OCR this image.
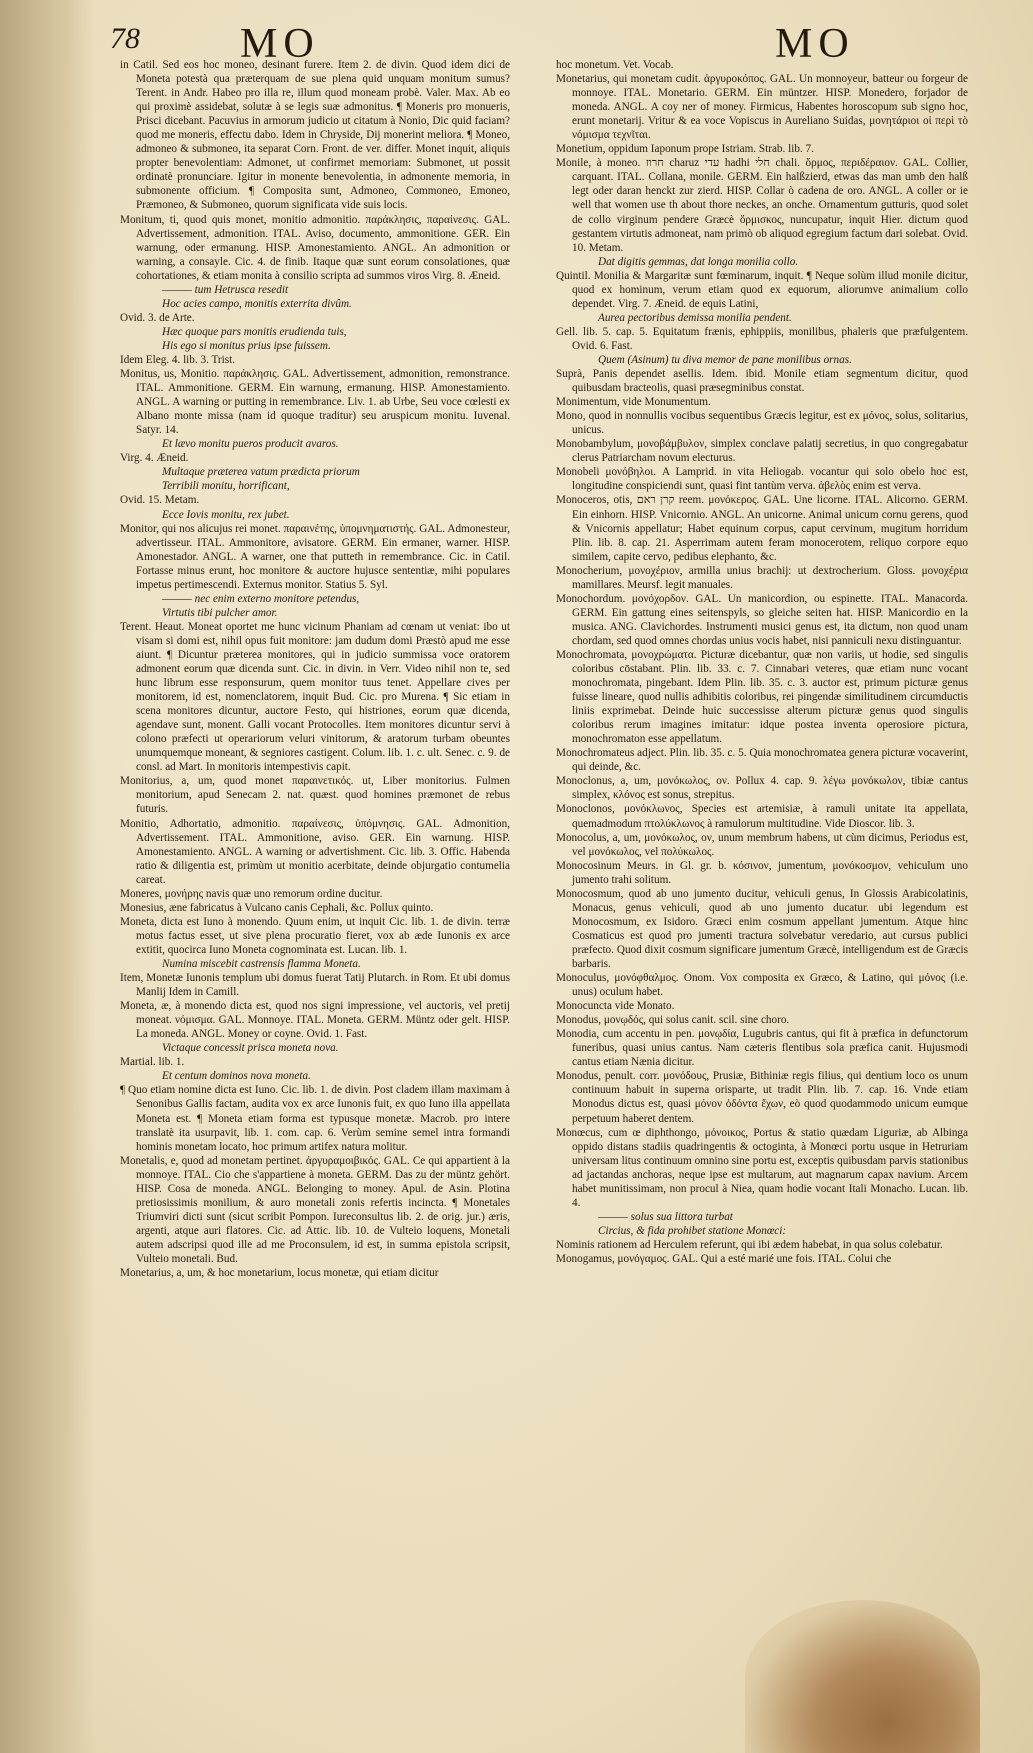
78 MO	MO

in Catil. Sed eos hoc moneo, desinant furere. Item 2. de divin. Quod idem dici de Moneta potestà qua præterquam de sue plena quid unquam monitum sumus? Terent. in Andr. Habeo pro illa re, illum quod moneam probè. Valer. Max. Ab eo qui proximè assidebat, solutæ à se legis suæ admonitus. ¶ Moneris pro monueris, Prisci dicebant. Pacuvius in armorum judicio ut citatum à Nonio, Dic quid faciam? quod me moneris, effectu dabo. Idem in Chryside, Dij monerint meliora. ¶ Moneo, admoneo & submoneo, ita separat Corn. Front. de ver. differ. Monet inquit, aliquis propter benevolentiam: Admonet, ut confirmet memoriam: Submonet, ut possit ordinatè pronunciare. Igitur in monente benevolentia, in admonente memoria, in submonente officium. ¶ Composita sunt, Admoneo, Commoneo, Emoneo, Præmoneo, & Submoneo, quorum significata vide suis locis.

Monitum, ti, quod quis monet, monitio admonitio. παράκλησις, παραίνεσις. GAL. Advertissement, admonition. ITAL. Aviso, documento, ammonitione. GER. Ein warnung, oder ermanung. HISP. Amonestamiento. ANGL. An admonition or warning, a consayle. Cic. 4. de finib. Itaque quæ sunt eorum consolationes, quæ cohortationes, & etiam monita à consilio scripta ad summos viros Virg. 8. Æneid.

——— tum Hetrusca resedit

Hoc acies campo, monitis exterrita divûm.

Ovid. 3. de Arte.

Hæc quoque pars monitis erudienda tuis,

His ego si monitus prius ipse fuissem.

Idem Eleg. 4. lib. 3. Trist.

Monitus, us, Monitio. παράκλησις. GAL. Advertissement, admonition, remonstrance. ITAL. Ammonitione. GERM. Ein warnung, ermanung. HISP. Amonestamiento. ANGL. A warning or putting in remembrance. Liv. 1. ab Urbe, Seu voce cœlesti ex Albano monte missa (nam id quoque traditur) seu aruspicum monitu. Iuvenal. Satyr. 14.

Et lævo monitu pueros producit avaros.

Virg. 4. Æneid.

Multaque præterea vatum prædicta priorum

Terribili monitu, horrificant,

Ovid. 15. Metam.

Ecce Iovis monitu, rex jubet.

Monitor, qui nos alicujus rei monet. παραινέτης, ὑπομνηματιστής. GAL. Admonesteur, advertisseur. ITAL. Ammonitore, avisatore. GERM. Ein ermaner, warner. HISP. Amonestador. ANGL. A warner, one that putteth in remembrance. Cic. in Catil. Fortasse minus erunt, hoc monitore & auctore hujusce sententiæ, mihi populares impetus pertimescendi. Externus monitor. Statius 5. Syl.

——— nec enim externo monitore petendus,

Virtutis tibi pulcher amor.

Terent. Heaut. Moneat oportet me hunc vicinum Phaniam ad cœnam ut veniat: ibo ut visam si domi est, nihil opus fuit monitore: jam dudum domi Præstò apud me esse aiunt. ¶ Dicuntur præterea monitores, qui in judicio summissa voce oratorem admonent eorum quæ dicenda sunt. Cic. in divin. in Verr. Video nihil non te, sed hunc librum esse responsurum, quem monitor tuus tenet. Appellare cives per monitorem, id est, nomenclatorem, inquit Bud. Cic. pro Murena. ¶ Sic etiam in scena monitores dicuntur, auctore Festo, qui histriones, eorum quæ dicenda, agendave sunt, monent. Galli vocant Protocolles. Item monitores dicuntur servi à colono præfecti ut operariorum veluri vinitorum, & aratorum turbam obeuntes unumquemque moneant, & segniores castigent. Colum. lib. 1. c. ult. Senec. c. 9. de consl. ad Mart. In monitoris intempestivis capit.

Monitorius, a, um, quod monet παραινετικός. ut, Liber monitorius. Fulmen monitorium, apud Senecam 2. nat. quæst. quod homines præmonet de rebus futuris.

Monitio, Adhortatio, admonitio. παραίνεσις, ὑπόμνησις. GAL. Admonition, Advertissement. ITAL. Ammonitione, aviso. GER. Ein warnung. HISP. Amonestamiento. ANGL. A warning or advertishment. Cic. lib. 3. Offic. Habenda ratio & diligentia est, primùm ut monitio acerbitate, deinde objurgatio contumelia careat.

Moneres, μονήρης navis quæ uno remorum ordine ducitur.

Monesius, æne fabricatus à Vulcano canis Cephali, &c. Pollux quinto.

Moneta, dicta est Iuno à monendo. Quum enim, ut inquit Cic. lib. 1. de divin. terræ motus factus esset, ut sive plena procuratio fieret, vox ab æde Iunonis ex arce extitit, quocirca Iuno Moneta cognominata est. Lucan. lib. 1.

Numina miscebit castrensis flamma Moneta.

Item, Monetæ Iunonis templum ubi domus fuerat Tatij Plutarch. in Rom. Et ubi domus Manlij Idem in Camill.

Moneta, æ, à monendo dicta est, quod nos signi impressione, vel auctoris, vel pretij moneat. νόμισμα. GAL. Monnoye. ITAL. Moneta. GERM. Müntz oder gelt. HISP. La moneda. ANGL. Money or coyne. Ovid. 1. Fast.

Victaque concessit prisca moneta nova.

Martial. lib. 1.

Et centum dominos nova moneta.

¶ Quo etiam nomine dicta est Iuno. Cic. lib. 1. de divin. Post cladem illam maximam à Senonibus Gallis factam, audita vox ex arce Iunonis fuit, ex quo Iuno illa appellata Moneta est. ¶ Moneta etiam forma est typusque monetæ. Macrob. pro intere translatè ita usurpavit, lib. 1. com. cap. 6. Verùm semine semel intra formandi hominis monetam locato, hoc primum artifex natura molitur.

Monetalis, e, quod ad monetam pertinet. ἀργυραμοιβικός. GAL. Ce qui appartient à la monnoye. ITAL. Cio che s'appartiene à moneta. GERM. Das zu der müntz gehört. HISP. Cosa de moneda. ANGL. Belonging to money. Apul. de Asin. Plotina pretiosissimis monilium, & auro monetali zonis refertis incincta. ¶ Monetales Triumviri dicti sunt (sicut scribit Pompon. Iureconsultus lib. 2. de orig. jur.) æris, argenti, atque auri flatores. Cic. ad Attic. lib. 10. de Vulteio loquens, Monetali autem adscripsi quod ille ad me Proconsulem, id est, in summa epistola scripsit, Vulteio monetali. Bud.

Monetarius, a, um, & hoc monetarium, locus monetæ, qui etiam dicitur

hoc monetum. Vet. Vocab.

Monetarius, qui monetam cudit. ἀργυροκόπος. GAL. Un monnoyeur, batteur ou forgeur de monnoye. ITAL. Monetario. GERM. Ein müntzer. HISP. Monedero, forjador de moneda. ANGL. A coy ner of money. Firmicus, Habentes horoscopum sub signo hoc, erunt monetarij. Vritur & ea voce Vopiscus in Aureliano Suidas, μονητάριοι οἱ περὶ τὸ νόμισμα τεχνῖται.

Monetium, oppidum Iaponum prope Istriam. Strab. lib. 7.

Monile, à moneo. חרוז charuz עדי hadhi חלי chali. ὅρμος, περιδέραιον. GAL. Collier, carquant. ITAL. Collana, monile. GERM. Ein halßzierd, etwas das man umb den halß legt oder daran henckt zur zierd. HISP. Collar ò cadena de oro. ANGL. A coller or ie well that women use th about thore neckes, an onche. Ornamentum gutturis, quod solet de collo virginum pendere Græcè ὅρμισκος, nuncupatur, inquit Hier. dictum quod gestantem virtutis admoneat, nam primò ob aliquod egregium factum dari solebat. Ovid. 10. Metam.

Dat digitis gemmas, dat longa monilia collo.

Quintil. Monilia & Margaritæ sunt fœminarum, inquit. ¶ Neque solùm illud monile dicitur, quod ex hominum, verum etiam quod ex equorum, aliorumve animalium collo dependet. Virg. 7. Æneid. de equis Latini,

Aurea pectoribus demissa monilia pendent.

Gell. lib. 5. cap. 5. Equitatum frænis, ephippiis, monilibus, phaleris que præfulgentem. Ovid. 6. Fast.

Quem (Asinum) tu diva memor de pane monilibus ornas.

Suprà, Panis dependet asellis. Idem. ibid. Monile etiam segmentum dicitur, quod quibusdam bracteolis, quasi præsegminibus constat.

Monimentum, vide Monumentum.

Mono, quod in nonnullis vocibus sequentibus Græcis legitur, est ex μόνος, solus, solitarius, unicus.

Monobambylum, μονοβάμβυλον, simplex conclave palatij secretius, in quo congregabatur clerus Patriarcham novum electurus.

Monobeli μονόβηλοι. A Lamprid. in vita Heliogab. vocantur qui solo obelo hoc est, longitudine conspiciendi sunt, quasi fint tantùm verva. ἀβελὸς enim est verva.

Monoceros, otis, קרן ראם reem. μονόκερος. GAL. Une licorne. ITAL. Alicorno. GERM. Ein einhorn. HISP. Vnicornio. ANGL. An unicorne. Animal unicum cornu gerens, quod & Vnicornis appellatur; Habet equinum corpus, caput cervinum, mugitum horridum Plin. lib. 8. cap. 21. Asperrimam autem feram monocerotem, reliquo corpore equo similem, capite cervo, pedibus elephanto, &c.

Monocherium, μονοχέριον, armilla unius brachij: ut dextrocherium. Gloss. μονοχέρια mamillares. Meursf. legit manuales.

Monochordum. μονόχορδον. GAL. Un manicordion, ou espinette. ITAL. Manacorda. GERM. Ein gattung eines seitenspyls, so gleiche seiten hat. HISP. Manicordio en la musica. ANG. Clavichordes. Instrumenti musici genus est, ita dictum, non quod unam chordam, sed quod omnes chordas unius vocis habet, nisi panniculi nexu distinguantur.

Monochromata, μονοχρώματα. Picturæ dicebantur, quæ non variis, ut hodie, sed singulis coloribus cōstabant. Plin. lib. 33. c. 7. Cinnabari veteres, quæ etiam nunc vocant monochromata, pingebant. Idem Plin. lib. 35. c. 3. auctor est, primum picturæ genus fuisse lineare, quod nullis adhibitis coloribus, rei pingendæ similitudinem circumductis liniis exprimebat. Deinde huic successisse alterum picturæ genus quod singulis coloribus rerum imagines imitatur: idque postea inventa operosiore pictura, monochromaton esse appellatum.

Monochromateus adject. Plin. lib. 35. c. 5. Quia monochromatea genera picturæ vocaverint, qui deinde, &c.

Monoclonus, a, um, μονόκωλος, ον. Pollux 4. cap. 9. λέγω μονόκωλον, tibiæ cantus simplex, κλόνος est sonus, strepitus.

Monoclonos, μονόκλωνος, Species est artemisiæ, à ramuli unitate ita appellata, quemadmodum πτολύκλωνος à ramulorum multitudine. Vide Dioscor. lib. 3.

Monocolus, a, um, μονόκωλος, ον, unum membrum habens, ut cùm dicimus, Periodus est, vel μονόκωλος, vel πολύκωλος.

Monocosinum Meurs. in Gl. gr. b. κόσινον, jumentum, μονόκοσμον, vehiculum uno jumento trahi solitum.

Monocosmum, quod ab uno jumento ducitur, vehiculi genus, In Glossis Arabicolatinis, Monacus, genus vehiculi, quod ab uno jumento ducatur. ubi legendum est Monocosmum, ex Isidoro. Græci enim cosmum appellant jumentum. Atque hinc Cosmaticus est quod pro jumenti tractura solvebatur veredario, aut cursus publici præfecto. Quod dixit cosmum significare jumentum Græcè, intelligendum est de Græcis barbaris.

Monoculus, μονόφθαλμος. Onom. Vox composita ex Græco, & Latino, qui μόνος (i.e. unus) oculum habet.

Monocuncta vide Monato.

Monodus, μονῳδός, qui solus canit. scil. sine choro.

Monodia, cum accentu in pen. μονῳδία, Lugubris cantus, qui fit à præfica in defunctorum funeribus, quasi unius cantus. Nam cæteris flentibus sola præfica canit. Hujusmodi cantus etiam Nænia dicitur.

Monodus, penult. corr. μονόδους, Prusiæ, Bithiniæ regis filius, qui dentium loco os unum continuum habuit in superna orisparte, ut tradit Plin. lib. 7. cap. 16. Vnde etiam Monodus dictus est, quasi μόνον ὀδόντα ἔχων, eò quod quodammodo unicum eumque perpetuum haberet dentem.

Monœcus, cum œ diphthongo, μόνοικος, Portus & statio quædam Liguriæ, ab Albinga oppido distans stadiis quadringentis & octoginta, à Monœci portu usque in Hetruriam universam litus continuum omnino sine portu est, exceptis quibusdam parvis stationibus ad jactandas anchoras, neque ipse est multarum, aut magnarum capax navium. Arcem habet munitissimam, non procul à Niea, quam hodie vocant Itali Monacho. Lucan. lib. 4.

——— solus sua littora turbat

Circius, & fida prohibet statione Monœci:

Nominis rationem ad Herculem referunt, qui ibi ædem habebat, in qua solus colebatur.

Monogamus, μονόγαμος. GAL. Qui a esté marié une fois. ITAL. Colui che
